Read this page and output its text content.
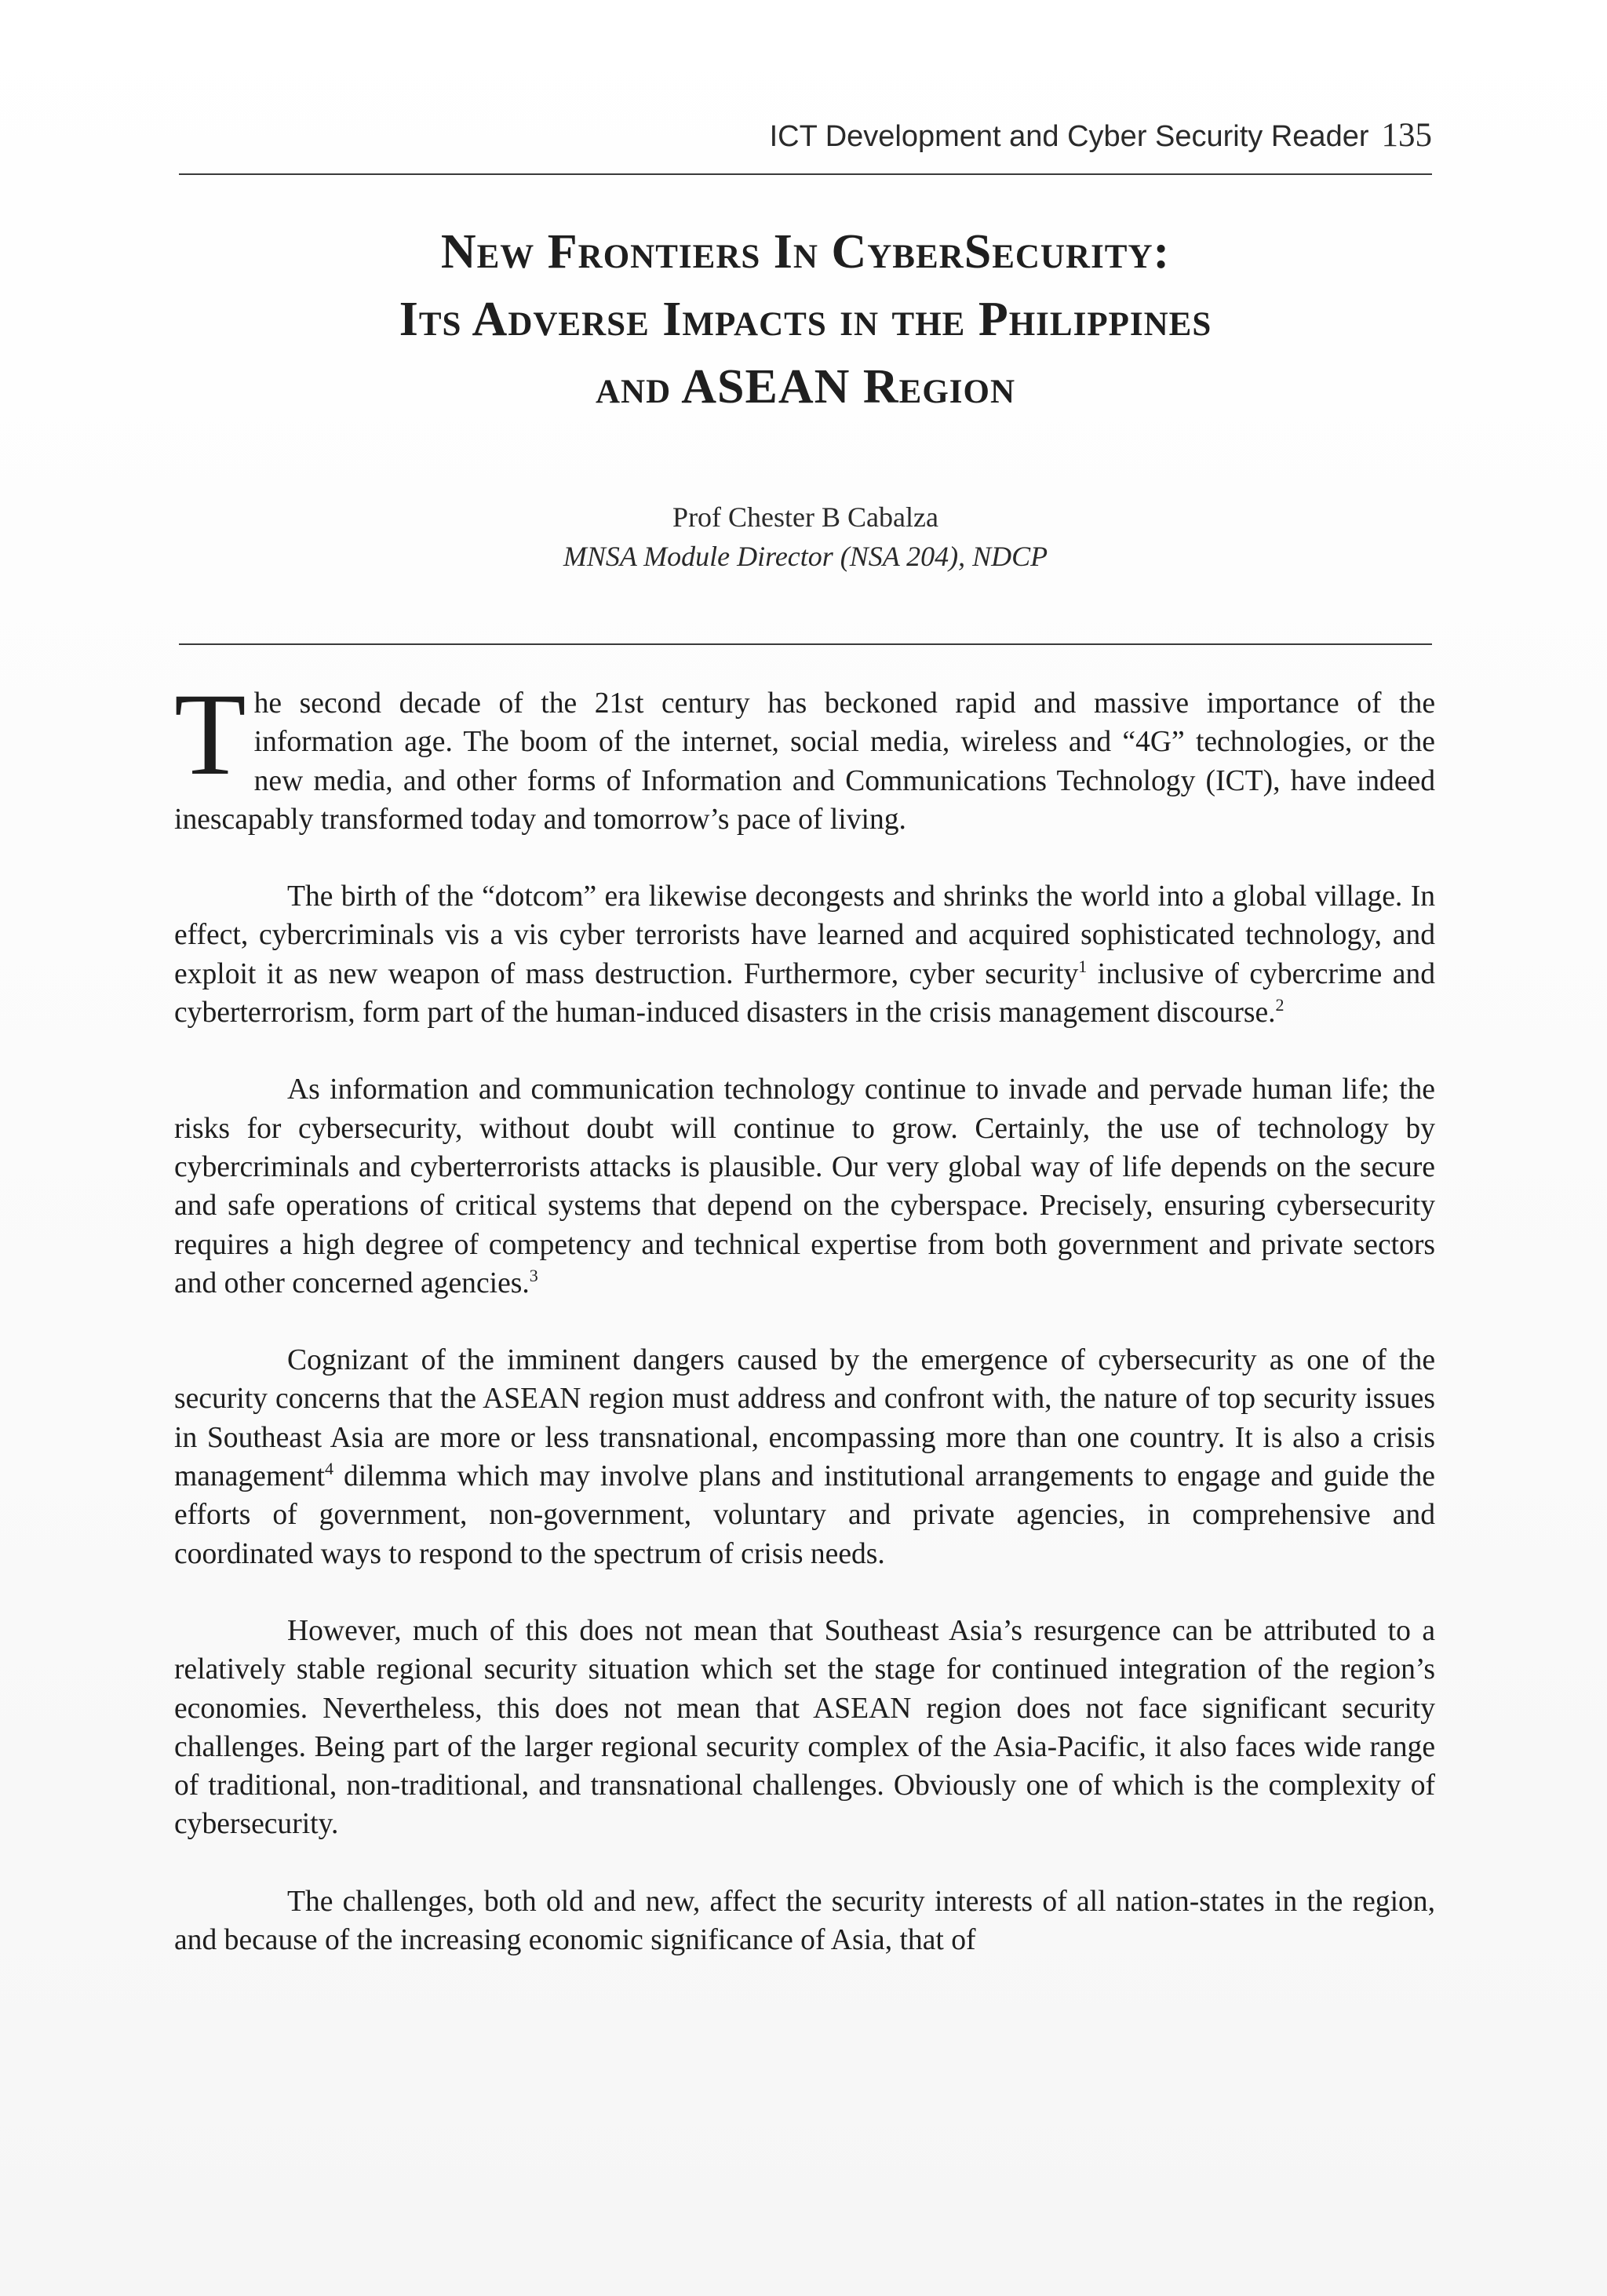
ICT Development and Cyber Security Reader 135
New Frontiers In CyberSecurity:
Its Adverse Impacts in the Philippines
and ASEAN Region
Prof Chester B Cabalza
MNSA Module Director (NSA 204), NDCP

The second decade of the 21st century has beckoned rapid and massive importance of the information age. The boom of the internet, social media, wireless and “4G” technologies, or the new media, and other forms of Information and Communications Technology (ICT), have indeed inescapably transformed today and tomorrow’s pace of living.

The birth of the “dotcom” era likewise decongests and shrinks the world into a global village. In effect, cybercriminals vis a vis cyber terrorists have learned and acquired sophisticated technology, and exploit it as new weapon of mass destruction. Furthermore, cyber security$^1$ inclusive of cybercrime and cyberterrorism, form part of the human-induced disasters in the crisis management discourse.$^2$

As information and communication technology continue to invade and pervade human life; the risks for cybersecurity, without doubt will continue to grow. Certainly, the use of technology by cybercriminals and cyberterrorists attacks is plausible. Our very global way of life depends on the secure and safe operations of critical systems that depend on the cyberspace. Precisely, ensuring cybersecurity requires a high degree of competency and technical expertise from both government and private sectors and other concerned agencies.$^3$

Cognizant of the imminent dangers caused by the emergence of cybersecurity as one of the security concerns that the ASEAN region must address and confront with, the nature of top security issues in Southeast Asia are more or less transnational, encompassing more than one country. It is also a crisis management$^4$ dilemma which may involve plans and institutional arrangements to engage and guide the efforts of government, non-government, voluntary and private agencies, in comprehensive and coordinated ways to respond to the spectrum of crisis needs.

However, much of this does not mean that Southeast Asia’s resurgence can be attributed to a relatively stable regional security situation which set the stage for continued integration of the region’s economies. Nevertheless, this does not mean that ASEAN region does not face significant security challenges. Being part of the larger regional security complex of the Asia-Pacific, it also faces wide range of traditional, non-traditional, and transnational challenges. Obviously one of which is the complexity of cybersecurity.

The challenges, both old and new, affect the security interests of all nation-states in the region, and because of the increasing economic significance of Asia, that of
